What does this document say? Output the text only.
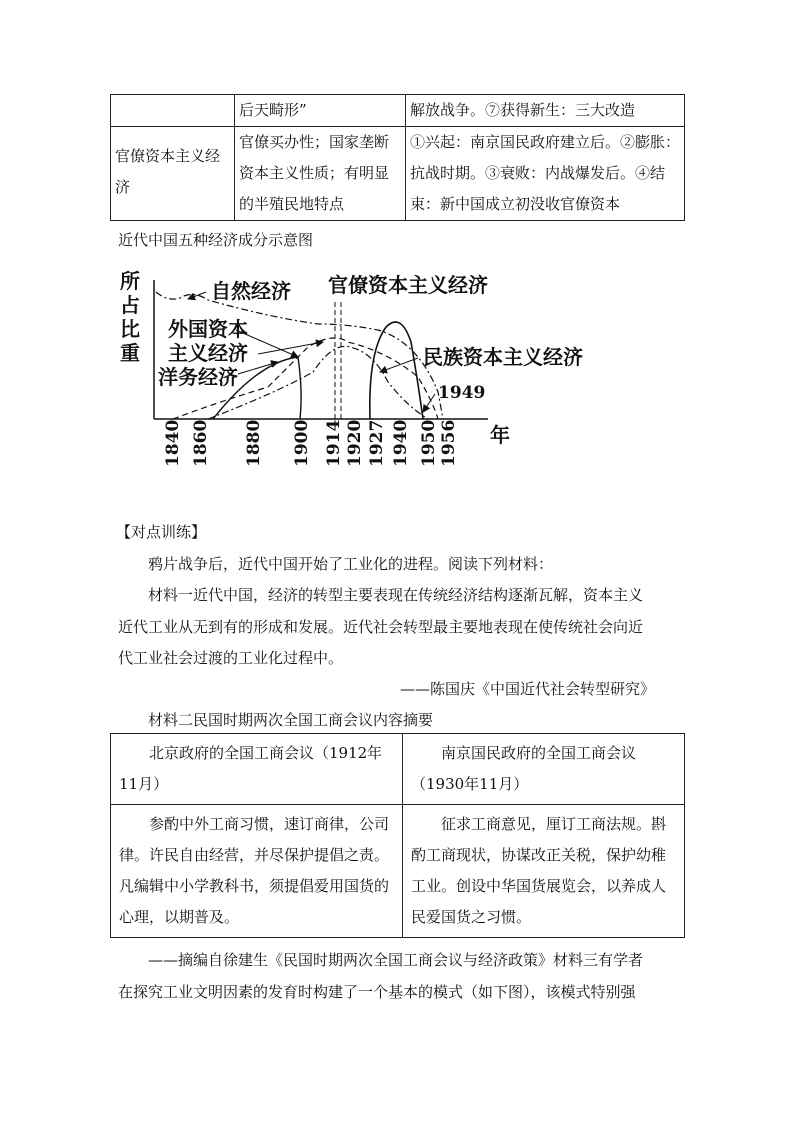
	后天畸形”	解放战争。⑦获得新生：三大改造
官僚资本主义经济	官僚买办性；国家垄断资本主义性质；有明显的半殖民地特点	①兴起：南京国民政府建立后。②膨胀：抗战时期。③衰败：内战爆发后。④结束：新中国成立初没收官僚资本
近代中国五种经济成分示意图
所占比重
年
自然经济 官僚资本主义经济
外国资本
主义经济
洋务经济
民族资本主义经济
1949
1840 1860 1880 1900 1914 1920 1927 1940 1950 1956
【对点训练】
鸦片战争后，近代中国开始了工业化的进程。阅读下列材料：
材料一近代中国，经济的转型主要表现在传统经济结构逐渐瓦解，资本主义
近代工业从无到有的形成和发展。近代社会转型最主要地表现在使传统社会向近
代工业社会过渡的工业化过程中。
——陈国庆《中国近代社会转型研究》
材料二民国时期两次全国工商会议内容摘要
北京政府的全国工商会议（1912年11月）	南京国民政府的全国工商会议（1930年11月）
参酌中外工商习惯，速订商律，公司律。许民自由经营，并尽保护提倡之责。凡编辑中小学教科书，须提倡爱用国货的心理，以期普及。	征求工商意见，厘订工商法规。斟酌工商现状，协谋改正关税，保护幼稚工业。创设中华国货展览会，以养成人民爱国货之习惯。
——摘编自徐建生《民国时期两次全国工商会议与经济政策》材料三有学者
在探究工业文明因素的发育时构建了一个基本的模式（如下图），该模式特别强
